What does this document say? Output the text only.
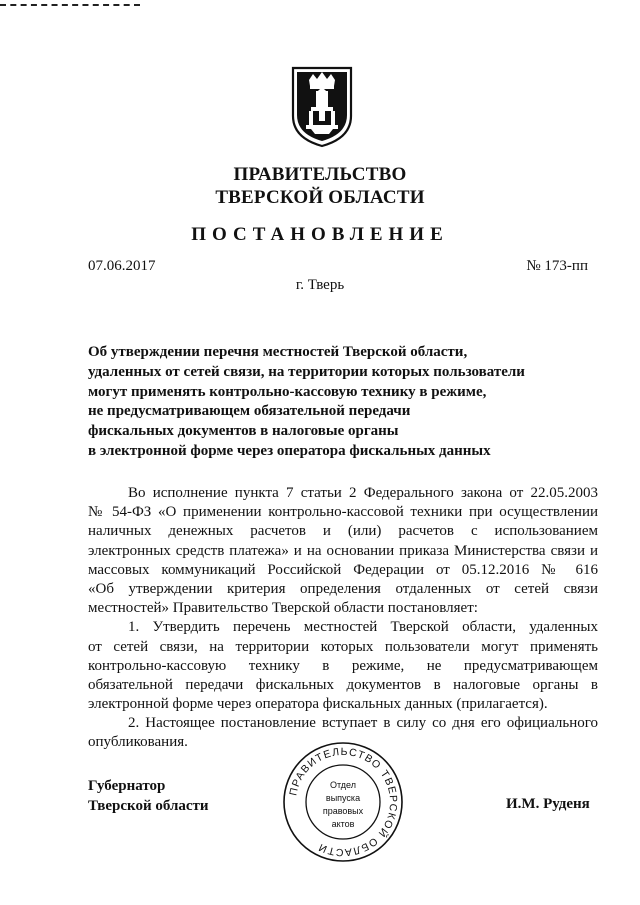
ПРАВИТЕЛЬСТВО
ТВЕРСКОЙ ОБЛАСТИ
ПОСТАНОВЛЕНИЕ
07.06.2017	№ 173-пп
г. Тверь
Об утверждении перечня местностей Тверской области,
удаленных от сетей связи, на территории которых пользователи
могут применять контрольно-кассовую технику в режиме,
не предусматривающем обязательной передачи
фискальных документов в налоговые органы
в электронной форме через оператора фискальных данных
Во исполнение пункта 7 статьи 2 Федерального закона от 22.05.2003
№ 54-ФЗ «О применении контрольно-кассовой техники при осуществлении
наличных денежных расчетов и (или) расчетов с использованием
электронных средств платежа» и на основании приказа Министерства связи и
массовых коммуникаций Российской Федерации от 05.12.2016 № 616
«Об утверждении критерия определения отдаленных от сетей связи
местностей» Правительство Тверской области постановляет:
1. Утвердить перечень местностей Тверской области, удаленных
от сетей связи, на территории которых пользователи могут применять
контрольно-кассовую технику в режиме, не предусматривающем
обязательной передачи фискальных документов в налоговые органы в
электронной форме через оператора фискальных данных (прилагается).
2. Настоящее постановление вступает в силу со дня его официального
опубликования.
Губернатор
Тверской области	И.М. Руденя
ПРАВИТЕЛЬСТВО ТВЕРСКОЙ ОБЛАСТИ
Отдел
выпуска
правовых
актов
